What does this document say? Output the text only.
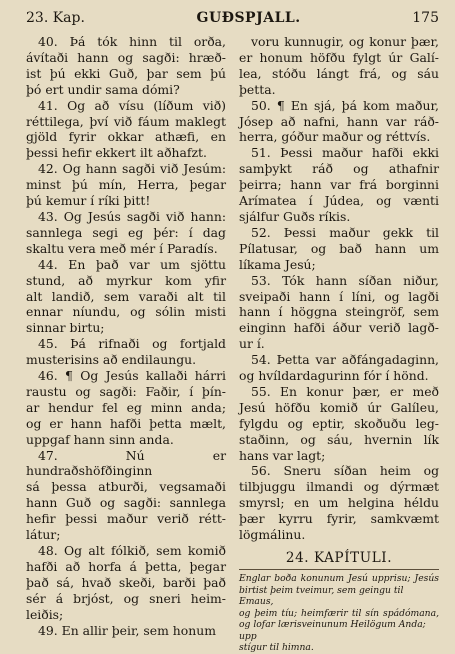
23. Kap.	GUÐSPJALL.	175

40. Þá tók hinn til orða,
ávítaði hann og sagði: hræð-
ist þú ekki Guð, þar sem þú
þó ert undir sama dómi?

41. Og að vísu (líðum við)
réttilega, því við fáum maklegt
gjöld fyrir okkar athæfi, en
þessi hefir ekkert ilt aðhafzt.

42. Og hann sagði við Jesúm:
minst þú mín, Herra, þegar
þú kemur í ríki þitt!

43. Og Jesús sagði við hann:
sannlega segi eg þér: í dag
skaltu vera með mér í Paradís.

44. En það var um sjöttu
stund, að myrkur kom yfir
alt landið, sem varaði alt til
ennar níundu, og sólin misti
sinnar birtu;

45. Þá rifnaði og fortjald
musterisins að endilaungu.

46. ¶ Og Jesús kallaði hárri
raustu og sagði: Faðir, í þín-
ar hendur fel eg minn anda;
og er hann hafði þetta mælt,
uppgaf hann sinn anda.

47. Nú er hundraðshöfðinginn
sá þessa atburði, vegsamaði
hann Guð og sagði: sannlega
hefir þessi maður verið rétt-
látur;

48. Og alt fólkið, sem komið
hafði að horfa á þetta, þegar
það sá, hvað skeði, barði það
sér á brjóst, og sneri heim-
leiðis;

49. En allir þeir, sem honum

voru kunnugir, og konur þær,
er honum höfðu fylgt úr Galí-
lea, stóðu lángt frá, og sáu
þetta.

50. ¶ En sjá, þá kom maður,
Jósep að nafni, hann var ráð-
herra, góður maður og réttvís.

51. Þessi maður hafði ekki
samþykt ráð og athafnir
þeirra; hann var frá borginni
Arímatea í Júdea, og vænti
sjálfur Guðs ríkis.

52. Þessi maður gekk til
Pílatusar, og bað hann um
líkama Jesú;

53. Tók hann síðan niður,
sveipaði hann í líni, og lagði
hann í höggna steingröf, sem
einginn hafði áður verið lagð-
ur í.

54. Þetta var aðfángadaginn,
og hvíldardagurinn fór í hönd.

55. En konur þær, er með
Jesú höfðu komið úr Galíleu,
fylgdu og eptir, skoðuðu leg-
staðinn, og sáu, hvernin lík
hans var lagt;

56. Sneru síðan heim og
tilbjuggu ilmandi og dýrmæt
smyrsl; en um helgina héldu
þær kyrru fyrir, samkvæmt
lögmálinu.

24. KAPÍTULI.
Englar boða konunum Jesú upprisu; Jesús
birtist þeim tveimur, sem geingu til Emaus,
og þeim tíu; heimfærir til sín spádómana,
og lofar lærisveinunum Heilögum Anda; upp
stígur til himna.
